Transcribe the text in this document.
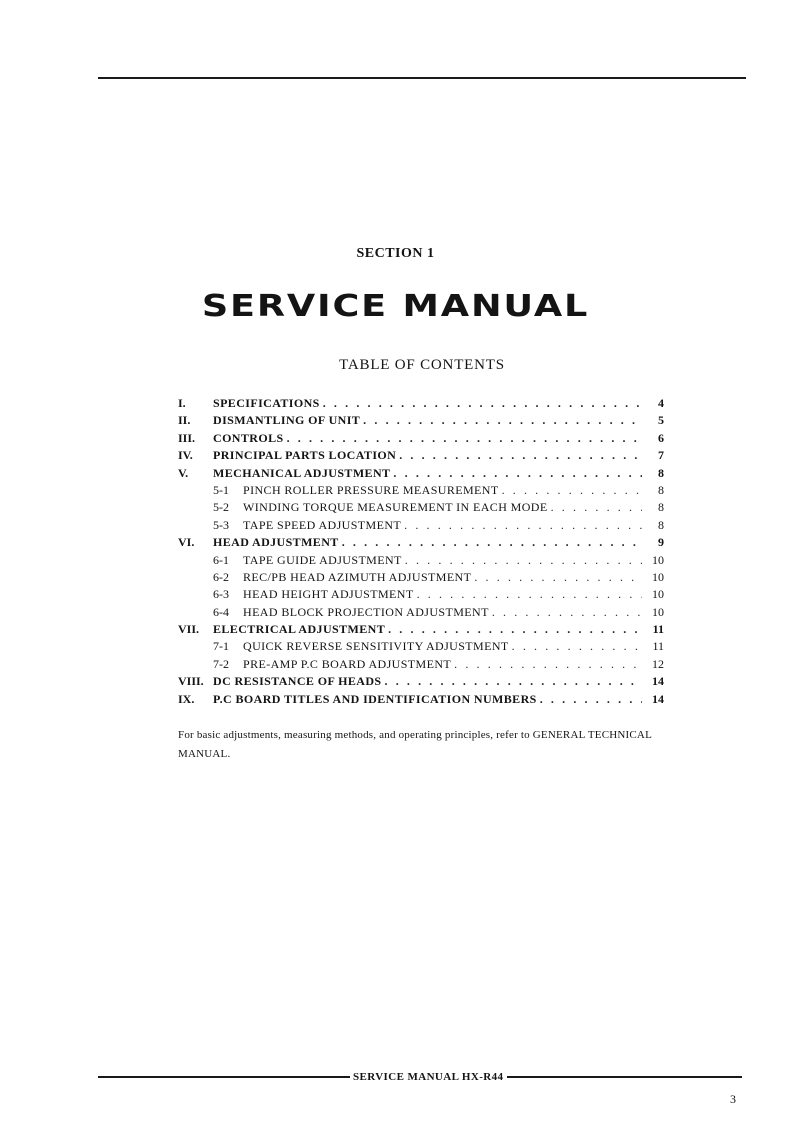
SECTION 1
SERVICE MANUAL
TABLE OF CONTENTS
I.	SPECIFICATIONS . . .	4
II.	DISMANTLING OF UNIT . . .	5
III.	CONTROLS . . .	6
IV.	PRINCIPAL PARTS LOCATION . . .	7
V.	MECHANICAL ADJUSTMENT . . .	8
5-1	PINCH ROLLER PRESSURE MEASUREMENT . . .	8
5-2	WINDING TORQUE MEASUREMENT IN EACH MODE . . .	8
5-3	TAPE SPEED ADJUSTMENT . . .	8
VI.	HEAD ADJUSTMENT . . .	9
6-1	TAPE GUIDE ADJUSTMENT . . .	10
6-2	REC/PB HEAD AZIMUTH ADJUSTMENT . . .	10
6-3	HEAD HEIGHT ADJUSTMENT . . .	10
6-4	HEAD BLOCK PROJECTION ADJUSTMENT . . .	10
VII.	ELECTRICAL ADJUSTMENT . . .	11
7-1	QUICK REVERSE SENSITIVITY ADJUSTMENT . . .	11
7-2	PRE-AMP P.C BOARD ADJUSTMENT . . .	12
VIII. DC RESISTANCE OF HEADS . . .	14
IX.	P.C BOARD TITLES AND IDENTIFICATION NUMBERS . . .	14
For basic adjustments, measuring methods, and operating principles, refer to GENERAL TECHNICAL MANUAL.
SERVICE MANUAL HX-R44
3
